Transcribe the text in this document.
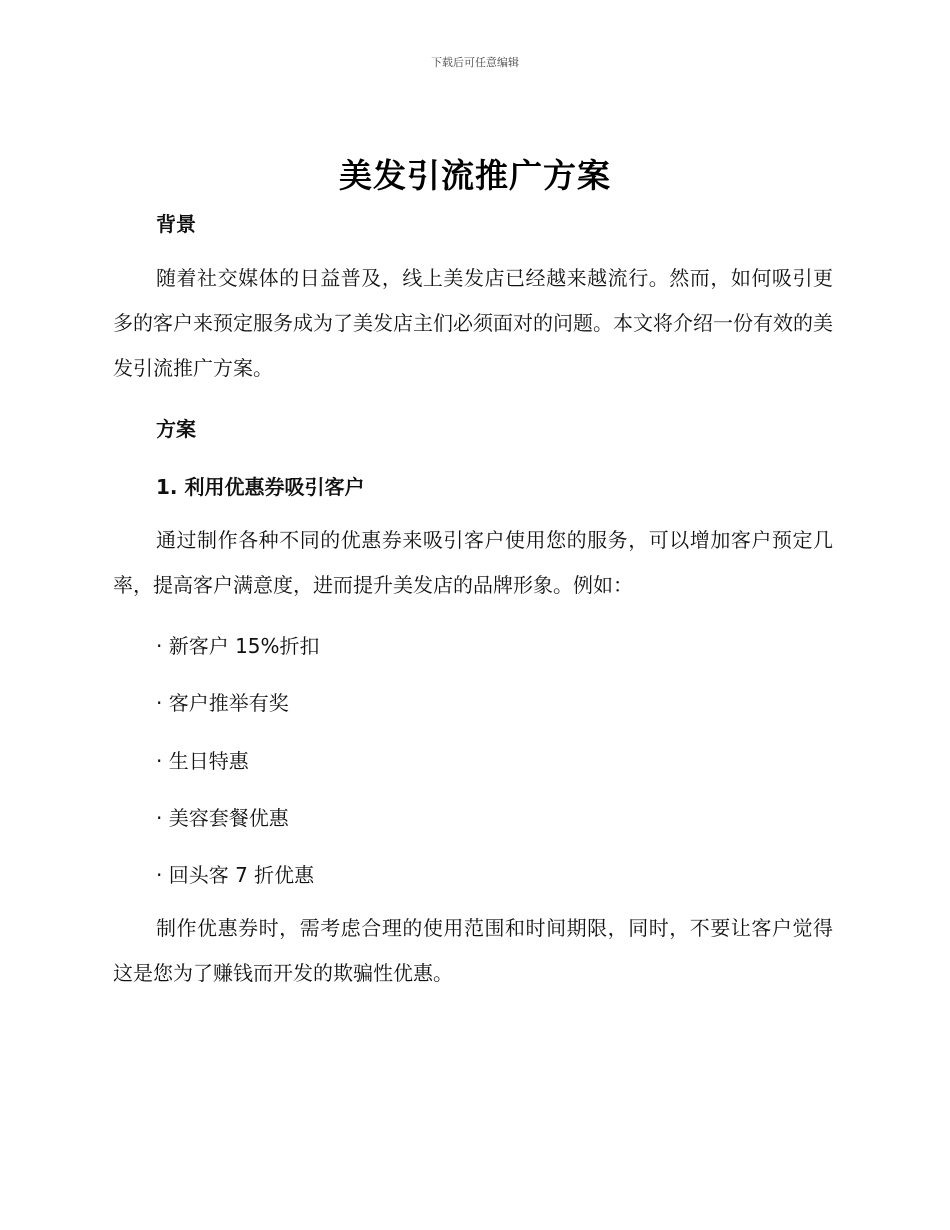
下载后可任意编辑
美发引流推广方案
背景
随着社交媒体的日益普及，线上美发店已经越来越流行。然而，如何吸引更多的客户来预定服务成为了美发店主们必须面对的问题。本文将介绍一份有效的美发引流推广方案。
方案
1. 利用优惠券吸引客户
通过制作各种不同的优惠券来吸引客户使用您的服务，可以增加客户预定几率，提高客户满意度，进而提升美发店的品牌形象。例如：
· 新客户 15%折扣
· 客户推举有奖
· 生日特惠
· 美容套餐优惠
· 回头客 7 折优惠
制作优惠券时，需考虑合理的使用范围和时间期限，同时，不要让客户觉得这是您为了赚钱而开发的欺骗性优惠。
